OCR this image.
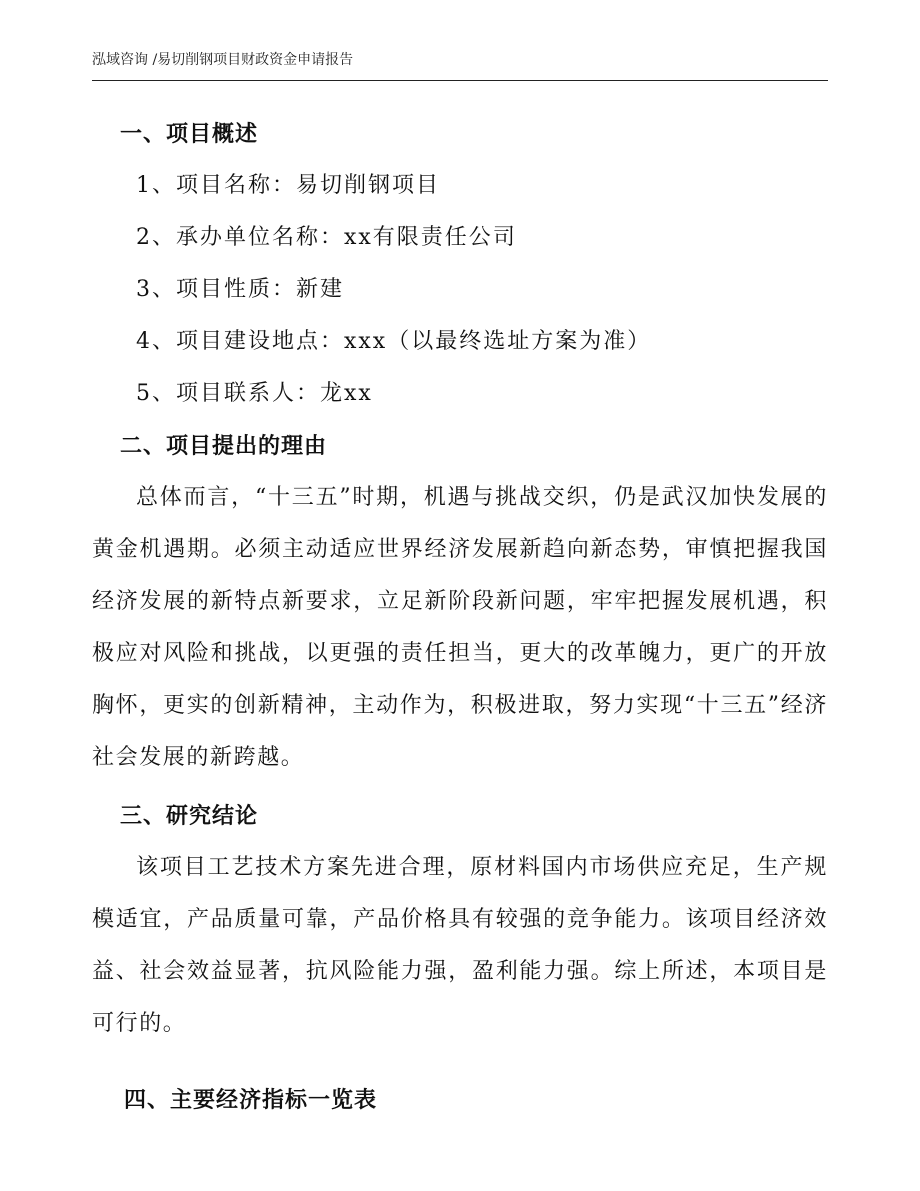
泓域咨询 /易切削钢项目财政资金申请报告
一、项目概述
1、项目名称：易切削钢项目
2、承办单位名称：xx有限责任公司
3、项目性质：新建
4、项目建设地点：xxx（以最终选址方案为准）
5、项目联系人：龙xx
二、项目提出的理由

总体而言，“十三五”时期，机遇与挑战交织，仍是武汉加快发展的黄金机遇期。必须主动适应世界经济发展新趋向新态势，审慎把握我国经济发展的新特点新要求，立足新阶段新问题，牢牢把握发展机遇，积极应对风险和挑战，以更强的责任担当，更大的改革魄力，更广的开放胸怀，更实的创新精神，主动作为，积极进取，努力实现“十三五”经济社会发展的新跨越。

三、研究结论

该项目工艺技术方案先进合理，原材料国内市场供应充足，生产规模适宜，产品质量可靠，产品价格具有较强的竞争能力。该项目经济效益、社会效益显著，抗风险能力强，盈利能力强。综上所述，本项目是可行的。

四、主要经济指标一览表
